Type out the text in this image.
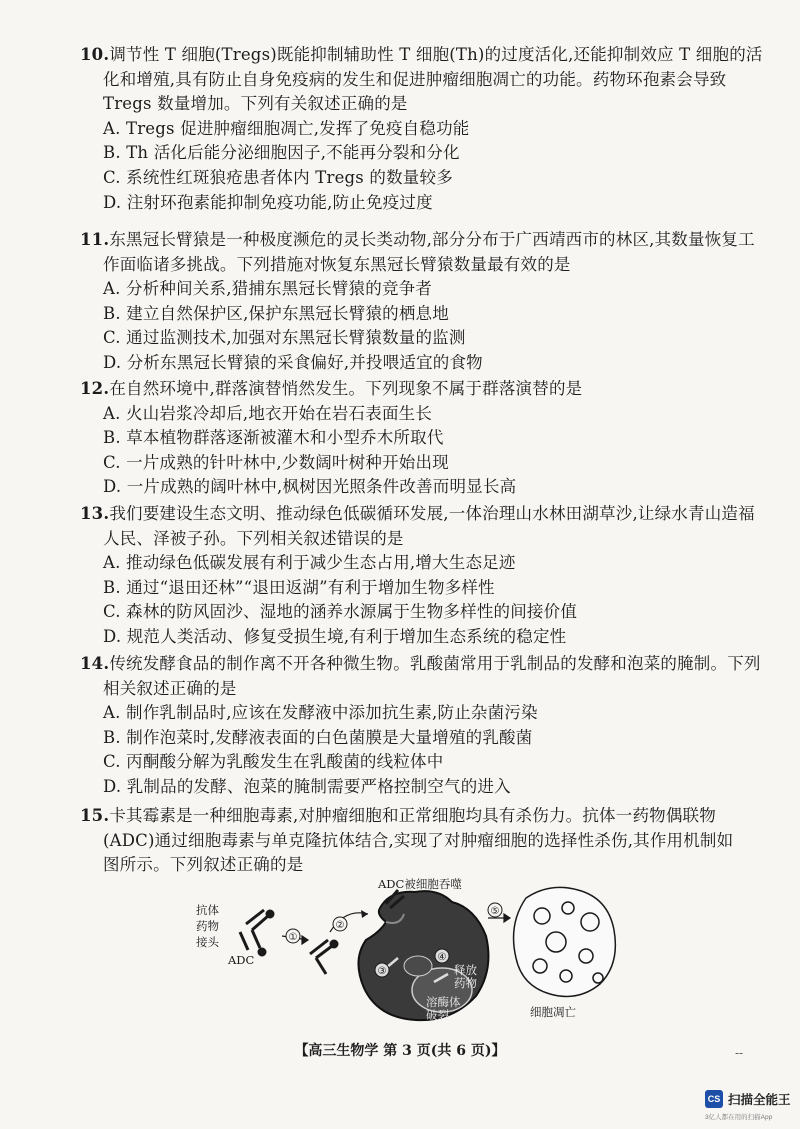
10.调节性 T 细胞(Tregs)既能抑制辅助性 T 细胞(Th)的过度活化,还能抑制效应 T 细胞的活
化和增殖,具有防止自身免疫病的发生和促进肿瘤细胞凋亡的功能。药物环孢素会导致
Tregs 数量增加。下列有关叙述正确的是
A. Tregs 促进肿瘤细胞凋亡,发挥了免疫自稳功能
B. Th 活化后能分泌细胞因子,不能再分裂和分化
C. 系统性红斑狼疮患者体内 Tregs 的数量较多
D. 注射环孢素能抑制免疫功能,防止免疫过度
11.东黑冠长臂猿是一种极度濒危的灵长类动物,部分分布于广西靖西市的林区,其数量恢复工
作面临诸多挑战。下列措施对恢复东黑冠长臂猿数量最有效的是
A. 分析种间关系,猎捕东黑冠长臂猿的竞争者
B. 建立自然保护区,保护东黑冠长臂猿的栖息地
C. 通过监测技术,加强对东黑冠长臂猿数量的监测
D. 分析东黑冠长臂猿的采食偏好,并投喂适宜的食物
12.在自然环境中,群落演替悄然发生。下列现象不属于群落演替的是
A. 火山岩浆冷却后,地衣开始在岩石表面生长
B. 草本植物群落逐渐被灌木和小型乔木所取代
C. 一片成熟的针叶林中,少数阔叶树种开始出现
D. 一片成熟的阔叶林中,枫树因光照条件改善而明显长高
13.我们要建设生态文明、推动绿色低碳循环发展,一体治理山水林田湖草沙,让绿水青山造福
人民、泽被子孙。下列相关叙述错误的是
A. 推动绿色低碳发展有利于减少生态占用,增大生态足迹
B. 通过“退田还林”“退田返湖”有利于增加生物多样性
C. 森林的防风固沙、湿地的涵养水源属于生物多样性的间接价值
D. 规范人类活动、修复受损生境,有利于增加生态系统的稳定性
14.传统发酵食品的制作离不开各种微生物。乳酸菌常用于乳制品的发酵和泡菜的腌制。下列
相关叙述正确的是
A. 制作乳制品时,应该在发酵液中添加抗生素,防止杂菌污染
B. 制作泡菜时,发酵液表面的白色菌膜是大量增殖的乳酸菌
C. 丙酮酸分解为乳酸发生在乳酸菌的线粒体中
D. 乳制品的发酵、泡菜的腌制需要严格控制空气的进入
15.卡其霉素是一种细胞毒素,对肿瘤细胞和正常细胞均具有杀伤力。抗体一药物偶联物
(ADC)通过细胞毒素与单克隆抗体结合,实现了对肿瘤细胞的选择性杀伤,其作用机制如
图所示。下列叙述正确的是
①
②
③
④
⑤
抗体
药物
接头
ADC
ADC被细胞吞噬
释放药物
溶酶体破裂	细胞凋亡
【高三生物学 第 3 页(共 6 页)】	--
CS 扫描全能王
3亿人都在用的扫描App
